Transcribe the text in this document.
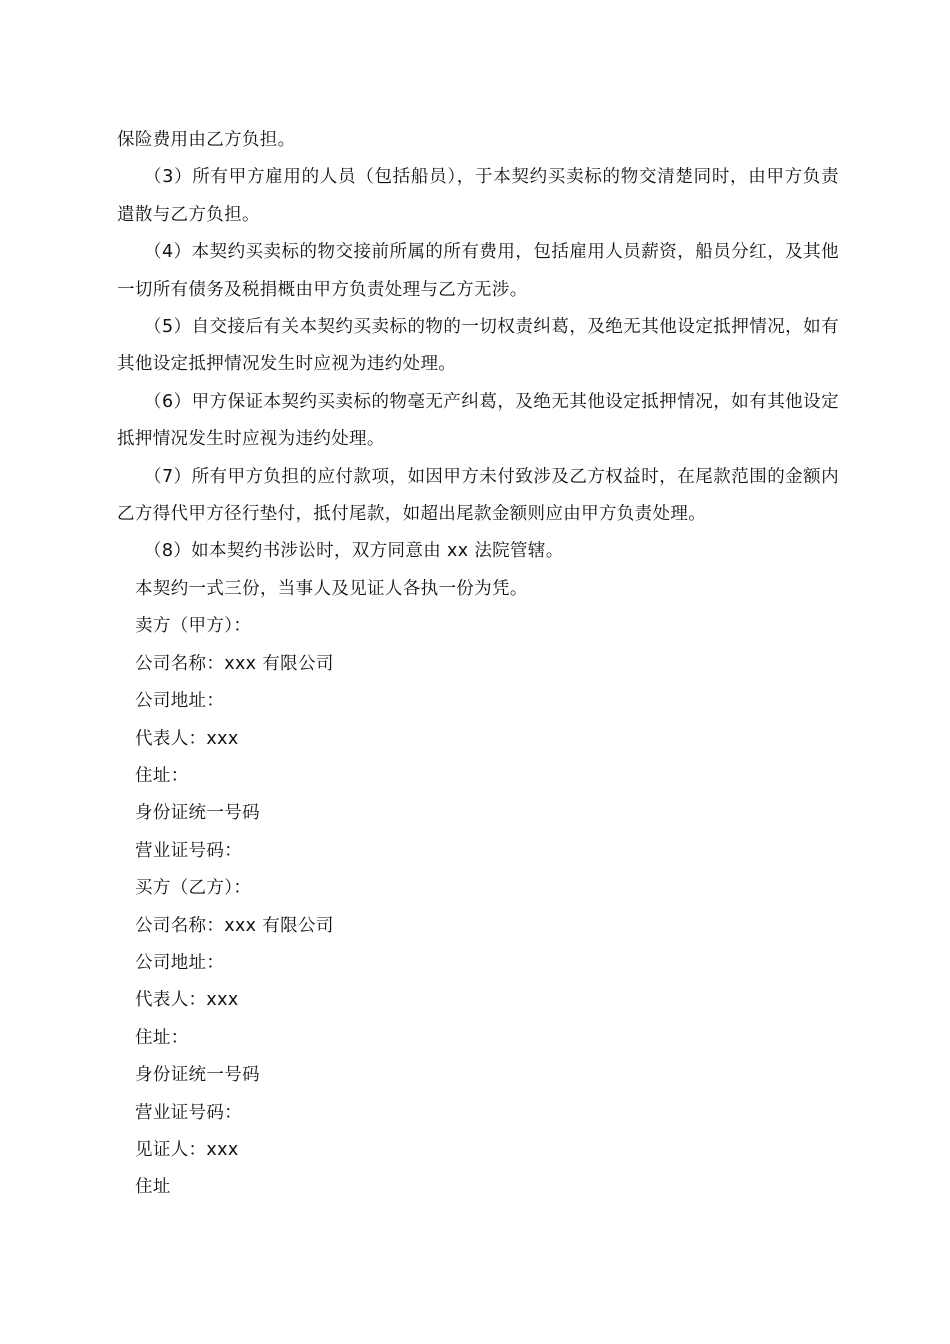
保险费用由乙方负担。

（3）所有甲方雇用的人员（包括船员），于本契约买卖标的物交清楚同时，由甲方负责遣散与乙方负担。

（4）本契约买卖标的物交接前所属的所有费用，包括雇用人员薪资，船员分红，及其他一切所有债务及税捐概由甲方负责处理与乙方无涉。

（5）自交接后有关本契约买卖标的物的一切权责纠葛，及绝无其他设定抵押情况，如有其他设定抵押情况发生时应视为违约处理。

（6）甲方保证本契约买卖标的物毫无产纠葛，及绝无其他设定抵押情况，如有其他设定抵押情况发生时应视为违约处理。

（7）所有甲方负担的应付款项，如因甲方未付致涉及乙方权益时，在尾款范围的金额内乙方得代甲方径行垫付，抵付尾款，如超出尾款金额则应由甲方负责处理。

（8）如本契约书涉讼时，双方同意由 xx 法院管辖。

本契约一式三份，当事人及见证人各执一份为凭。

卖方（甲方）：

公司名称：xxx 有限公司

公司地址：

代表人：xxx

住址：

身份证统一号码

营业证号码：

买方（乙方）：

公司名称：xxx 有限公司

公司地址：

代表人：xxx

住址：

身份证统一号码

营业证号码：

见证人：xxx

住址
